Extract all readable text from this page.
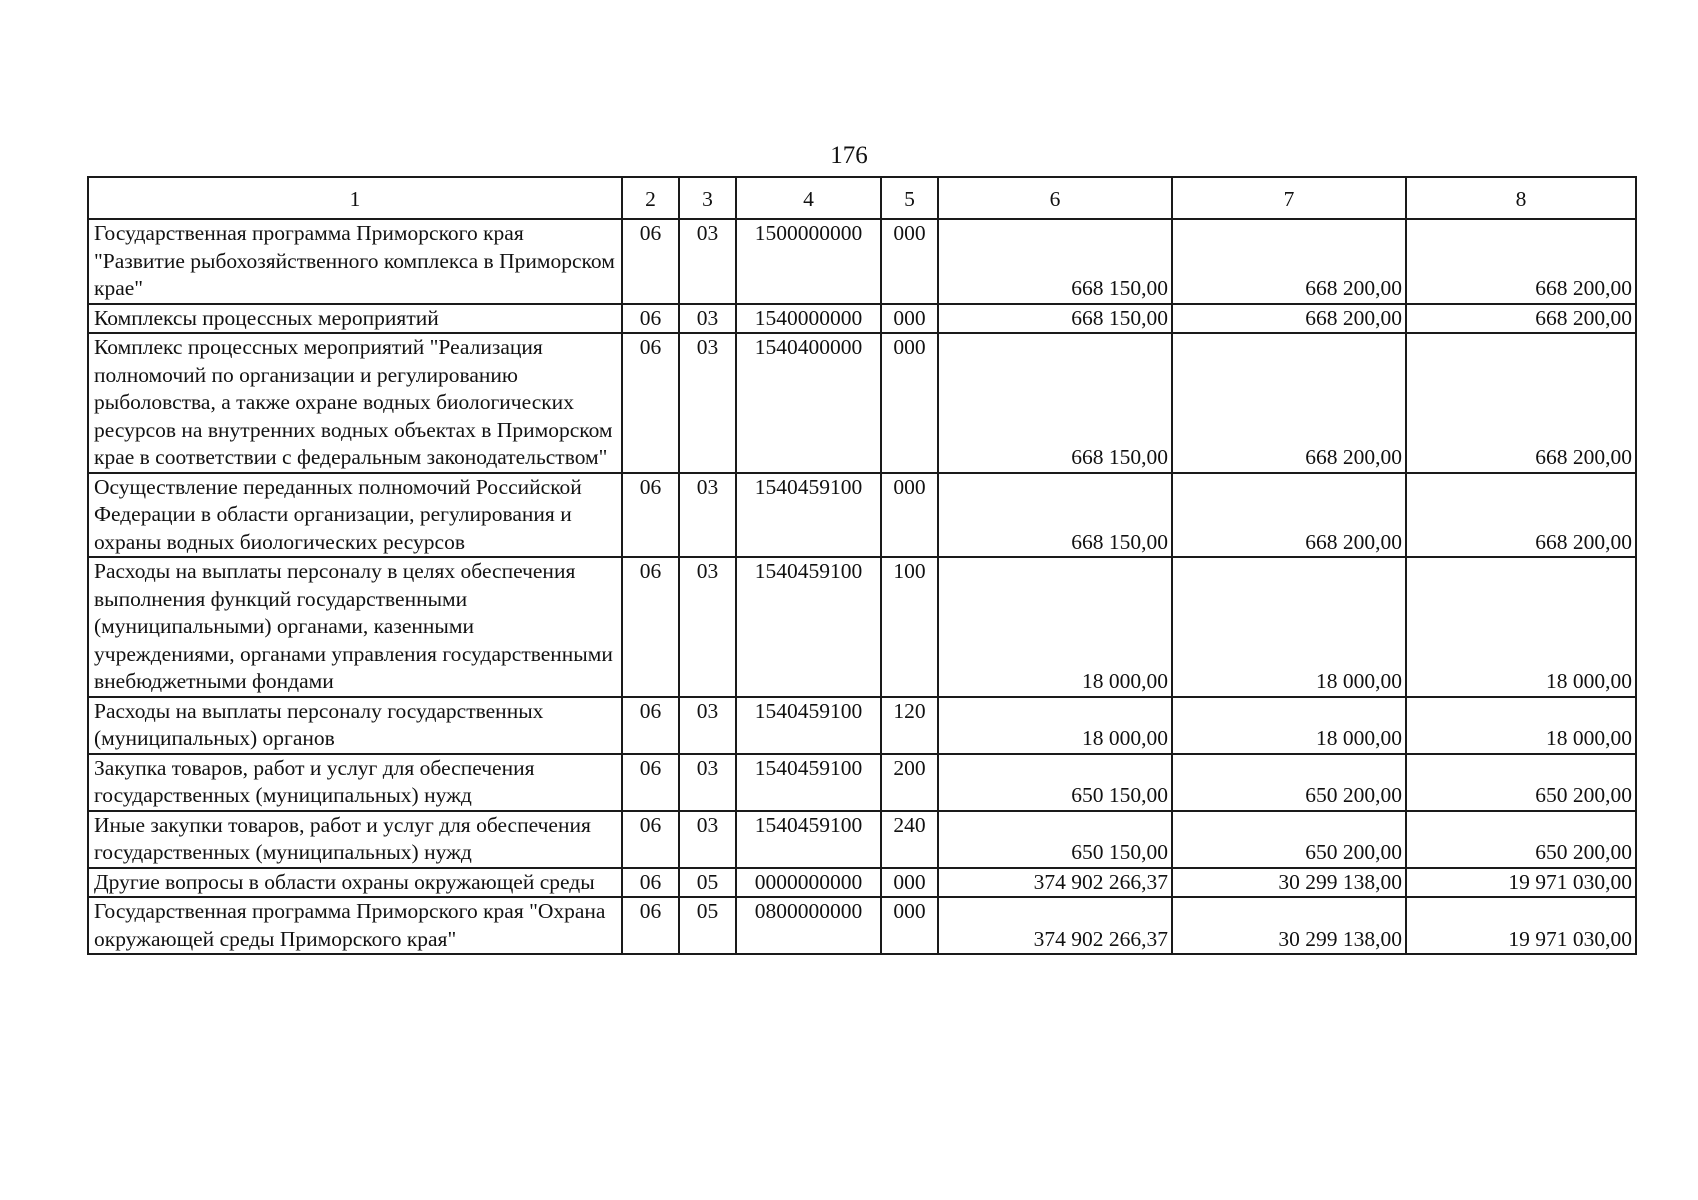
176
1	2	3	4	5	6	7	8
Государственная программа Приморского края "Развитие рыбохозяйственного комплекса в Приморском крае"	06	03	1500000000	000	668 150,00	668 200,00	668 200,00
Комплексы процессных мероприятий	06	03	1540000000	000	668 150,00	668 200,00	668 200,00
Комплекс процессных мероприятий "Реализация полномочий по организации и регулированию рыболовства, а также охране водных биологических ресурсов на внутренних водных объектах в Приморском крае в соответствии с федеральным законодательством"	06	03	1540400000	000	668 150,00	668 200,00	668 200,00
Осуществление переданных полномочий Российской Федерации в области организации, регулирования и охраны водных биологических ресурсов	06	03	1540459100	000	668 150,00	668 200,00	668 200,00
Расходы на выплаты персоналу в целях обеспечения выполнения функций государственными (муниципальными) органами, казенными учреждениями, органами управления государственными внебюджетными фондами	06	03	1540459100	100	18 000,00	18 000,00	18 000,00
Расходы на выплаты персоналу государственных (муниципальных) органов	06	03	1540459100	120	18 000,00	18 000,00	18 000,00
Закупка товаров, работ и услуг для обеспечения государственных (муниципальных) нужд	06	03	1540459100	200	650 150,00	650 200,00	650 200,00
Иные закупки товаров, работ и услуг для обеспечения государственных (муниципальных) нужд	06	03	1540459100	240	650 150,00	650 200,00	650 200,00
Другие вопросы в области охраны окружающей среды	06	05	0000000000	000	374 902 266,37	30 299 138,00	19 971 030,00
Государственная программа Приморского края "Охрана окружающей среды Приморского края"	06	05	0800000000	000	374 902 266,37	30 299 138,00	19 971 030,00
